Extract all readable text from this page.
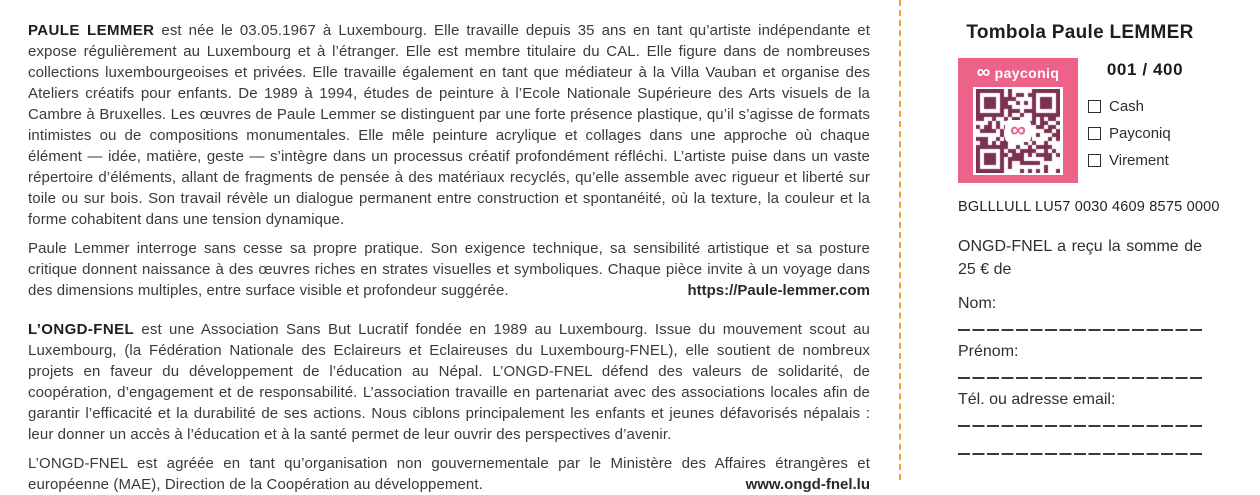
PAULE LEMMER est née le 03.05.1967 à Luxembourg. Elle travaille depuis 35 ans en tant qu’artiste indépendante et expose régulièrement au Luxembourg et à l’étranger. Elle est membre titulaire du CAL. Elle figure dans de nombreuses collections luxembourgeoises et privées. Elle travaille également en tant que médiateur à la Villa Vauban et organise des Ateliers créatifs pour enfants. De 1989 à 1994, études de peinture à l’Ecole Nationale Supérieure des Arts visuels de la Cambre à Bruxelles. Les œuvres de Paule Lemmer se distinguent par une forte présence plastique, qu’il s’agisse de formats intimistes ou de compositions monumentales. Elle mêle peinture acrylique et collages dans une approche où chaque élément — idée, matière, geste — s’intègre dans un processus créatif profondément réfléchi. L’artiste puise dans un vaste répertoire d’éléments, allant de fragments de pensée à des matériaux recyclés, qu’elle assemble avec rigueur et liberté sur toile ou sur bois. Son travail révèle un dialogue permanent entre construction et spontanéité, où la texture, la couleur et la forme cohabitent dans une tension dynamique.

Paule Lemmer interroge sans cesse sa propre pratique. Son exigence technique, sa sensibilité artistique et sa posture critique donnent naissance à des œuvres riches en strates visuelles et symboliques. Chaque pièce invite à un voyage dans des dimensions multiples, entre surface visible et profondeur suggérée.	https://Paule-lemmer.com

L’ONGD-FNEL est une Association Sans But Lucratif fondée en 1989 au Luxembourg. Issue du mouvement scout au Luxembourg, (la Fédération Nationale des Eclaireurs et Eclaireuses du Luxembourg-FNEL), elle soutient de nombreux projets en faveur du développement de l’éducation au Népal. L’ONGD-FNEL défend des valeurs de solidarité, de coopération, d’engagement et de responsabilité. L’association travaille en partenariat avec des associations locales afin de garantir l’efficacité et la durabilité de ses actions. Nous ciblons principalement les enfants et jeunes défavorisés népalais : leur donner un accès à l’éducation et à la santé permet de leur ouvrir des perspectives d’avenir.

L’ONGD-FNEL est agréée en tant qu’organisation non gouvernementale par le Ministère des Affaires étrangères et européenne (MAE), Direction de la Coopération au développement.	www.ongd-fnel.lu
Tombola Paule LEMMER
∞ payconiq
∞
001 / 400
Cash
Payconiq
Virement
BGLLLULL LU57 0030 4609 8575 0000
ONGD-FNEL a reçu la somme de
25 € de
Nom:
Prénom:
Tél. ou adresse email:
